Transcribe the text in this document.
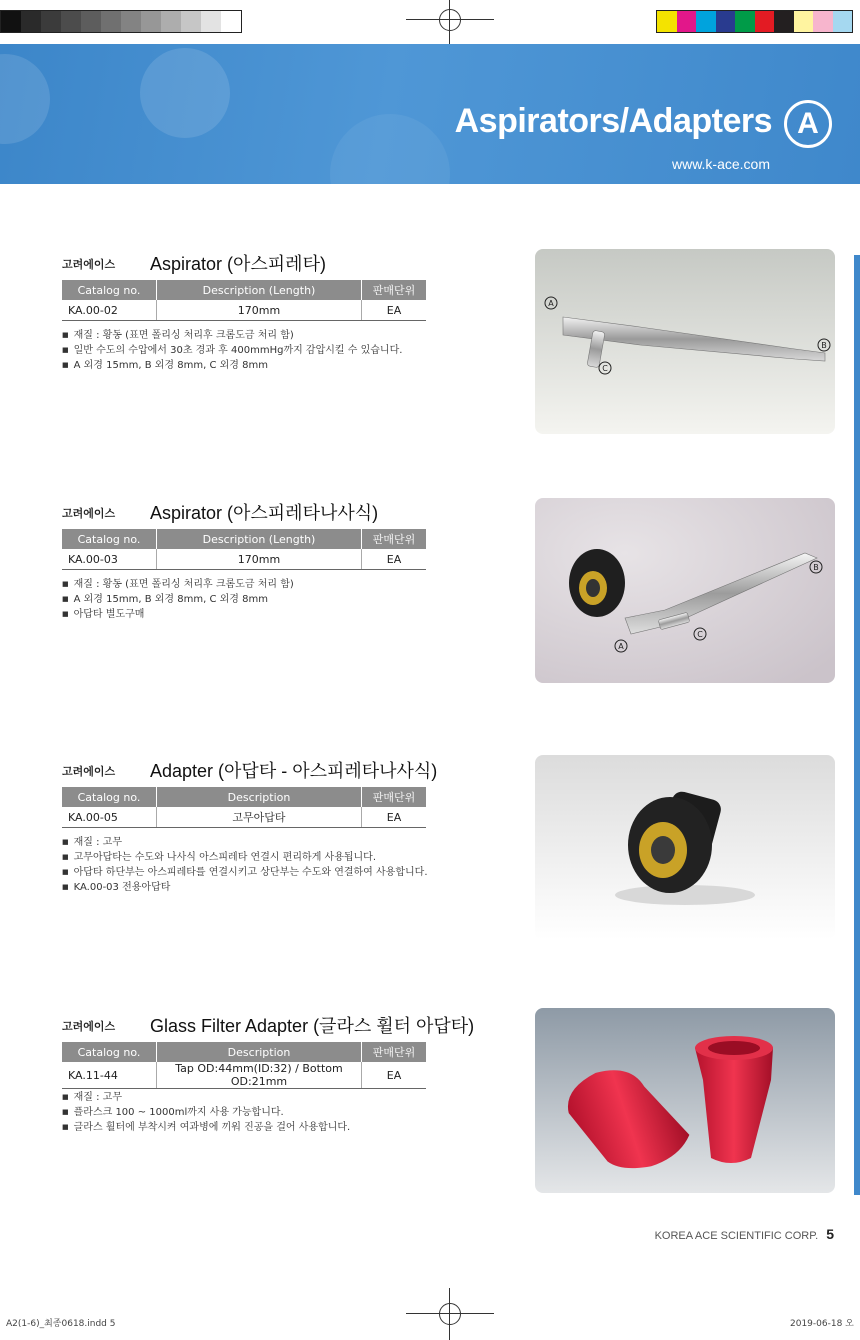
Aspirators/Adapters A
www.k-ace.com
고려에이스 Aspirator (아스피레타)
Catalog no.	Description (Length)	판매단위
KA.00-02	170mm	EA
■ 재질 : 황동 (표면 폴리싱 처리후 크롬도금 처리 함)
■ 일반 수도의 수압에서 30초 경과 후 400mmHg까지 감압시킬 수 있습니다.
■ A 외경 15mm, B 외경 8mm, C 외경 8mm
A
B
C
고려에이스 Aspirator (아스피레타나사식)
Catalog no.	Description (Length)	판매단위
KA.00-03	170mm	EA
■ 재질 : 황동 (표면 폴리싱 처리후 크롬도금 처리 함)
■ A 외경 15mm, B 외경 8mm, C 외경 8mm
■ 아답타 별도구매
A
B
C
고려에이스 Adapter (아답타 - 아스피레타나사식)
Catalog no.	Description	판매단위
KA.00-05	고무아답타	EA
■ 재질 : 고무
■ 고무아답타는 수도와 나사식 아스피레타 연결시 편리하게 사용됩니다.
■ 아답타 하단부는 아스피레타를 연결시키고 상단부는 수도와 연결하여 사용합니다.
■ KA.00-03 전용아답타
고려에이스 Glass Filter Adapter (글라스 휠터 아답타)
Catalog no.	Description	판매단위
KA.11-44	Tap OD:44mm(ID:32) / Bottom OD:21mm	EA
■ 재질 : 고무
■ 플라스크 100 ~ 1000ml까지 사용 가능합니다.
■ 글라스 휠터에 부착시켜 여과병에 끼워 진공을 걸어 사용합니다.
KOREA ACE SCIENTIFIC CORP. 5
A2(1-6)_최종0618.indd 5	2019-06-18 오
